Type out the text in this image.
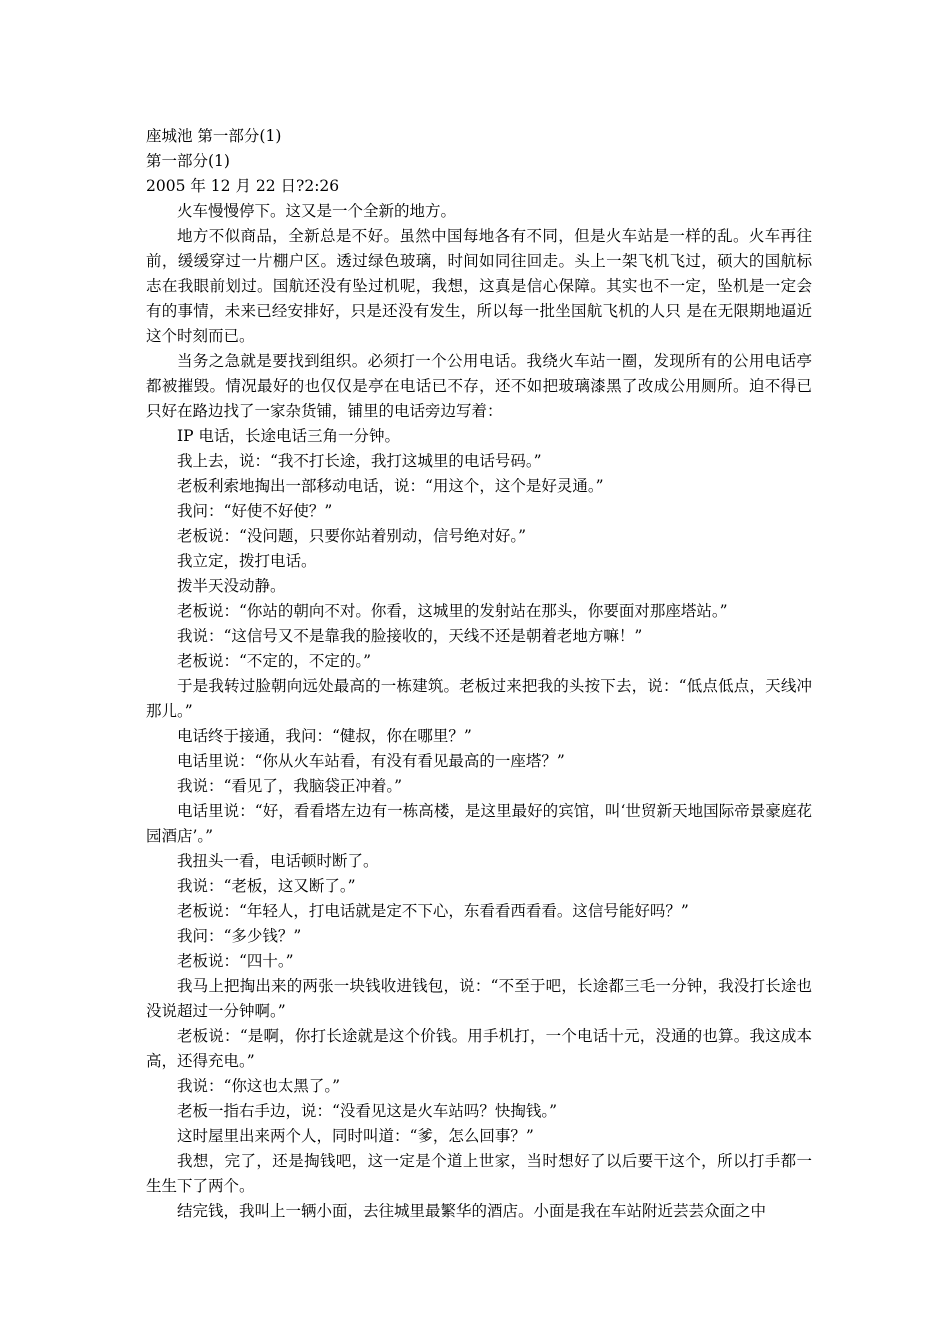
座城池 第一部分(1)

第一部分(1)

2005 年 12 月 22 日?2:26

火车慢慢停下。这又是一个全新的地方。

地方不似商品，全新总是不好。虽然中国每地各有不同，但是火车站是一样的乱。火车再往前，缓缓穿过一片棚户区。透过绿色玻璃，时间如同往回走。头上一架飞机飞过，硕大的国航标志在我眼前划过。国航还没有坠过机呢，我想，这真是信心保障。其实也不一定，坠机是一定会有的事情，未来已经安排好，只是还没有发生，所以每一批坐国航飞机的人只 是在无限期地逼近这个时刻而已。

当务之急就是要找到组织。必须打一个公用电话。我绕火车站一圈，发现所有的公用电话亭都被摧毁。情况最好的也仅仅是亭在电话已不存，还不如把玻璃漆黑了改成公用厕所。迫不得已只好在路边找了一家杂货铺，铺里的电话旁边写着：

IP 电话，长途电话三角一分钟。

我上去，说：“我不打长途，我打这城里的电话号码。”

老板利索地掏出一部移动电话，说：“用这个，这个是好灵通。”

我问：“好使不好使？”

老板说：“没问题，只要你站着别动，信号绝对好。”

我立定，拨打电话。

拨半天没动静。

老板说：“你站的朝向不对。你看，这城里的发射站在那头，你要面对那座塔站。”

我说：“这信号又不是靠我的脸接收的，天线不还是朝着老地方嘛！”

老板说：“不定的，不定的。”

于是我转过脸朝向远处最高的一栋建筑。老板过来把我的头按下去，说：“低点低点，天线冲那儿。”

电话终于接通，我问：“健叔，你在哪里？”

电话里说：“你从火车站看，有没有看见最高的一座塔？”

我说：“看见了，我脑袋正冲着。”

电话里说：“好，看看塔左边有一栋高楼，是这里最好的宾馆，叫‘世贸新天地国际帝景豪庭花园酒店’。”

我扭头一看，电话顿时断了。

我说：“老板，这又断了。”

老板说：“年轻人，打电话就是定不下心，东看看西看看。这信号能好吗？”

我问：“多少钱？”

老板说：“四十。”

我马上把掏出来的两张一块钱收进钱包，说：“不至于吧，长途都三毛一分钟，我没打长途也没说超过一分钟啊。”

老板说：“是啊，你打长途就是这个价钱。用手机打，一个电话十元，没通的也算。我这成本高，还得充电。”

我说：“你这也太黑了。”

老板一指右手边，说：“没看见这是火车站吗？快掏钱。”

这时屋里出来两个人，同时叫道：“爹，怎么回事？”

我想，完了，还是掏钱吧，这一定是个道上世家，当时想好了以后要干这个，所以打手都一生生下了两个。

结完钱，我叫上一辆小面，去往城里最繁华的酒店。小面是我在车站附近芸芸众面之中
